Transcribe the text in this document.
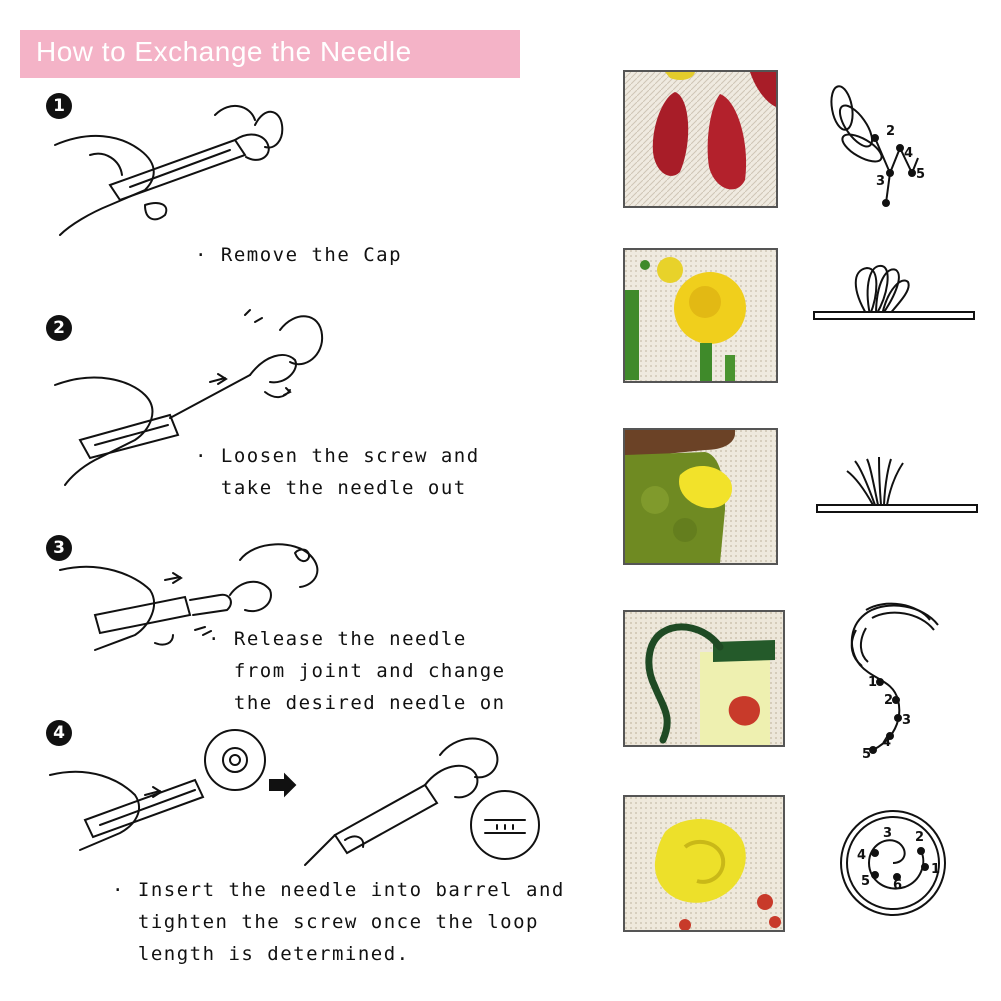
How to Exchange the Needle
1
· Remove the Cap
2
· Loosen the screw and
take the needle out
3
· Release the needle
from joint and change
the desired needle on
4
· Insert the needle into barrel and
tighten the screw once the loop
length is determined.
2
3
4
5
1
2
3
4
5
1
2
3
4
5 6
